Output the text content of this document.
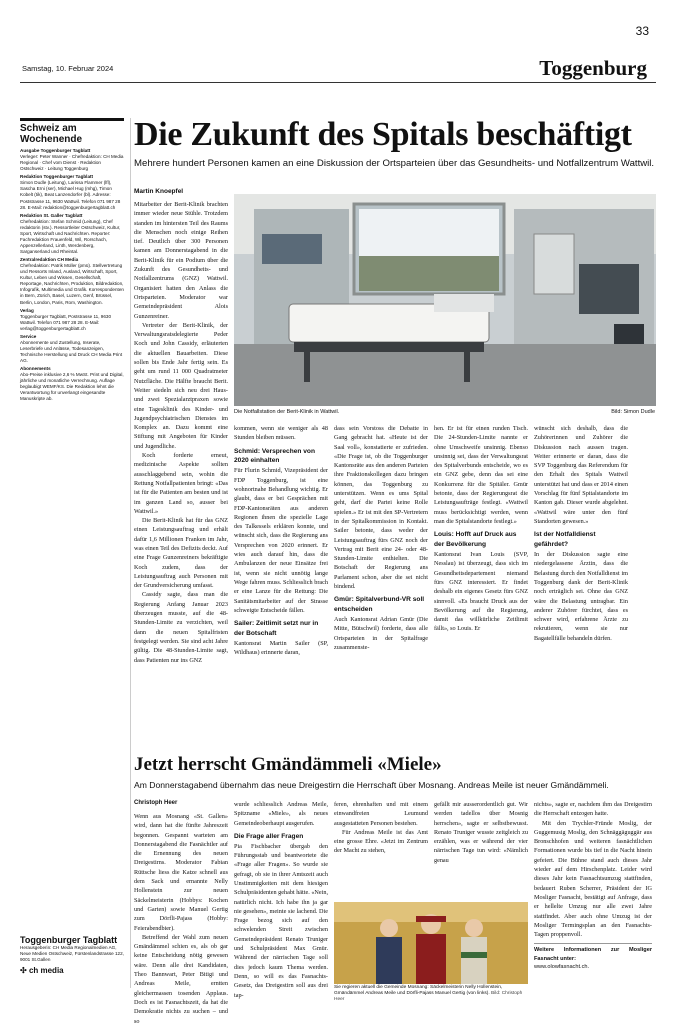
33
Samstag, 10. Februar 2024	Toggenburg
Schweiz am Wochenende
Ausgabe Toggenburger Tagblatt

Verleger: Peter Wanner · Chefredaktion: CH Media Regional · Chef vom Dienst · Redaktion Ostschweiz · Leitung Toggenburg

Redaktion Toggenburger Tagblatt

Simon Dudle (Leitung), Larissa Flammer (lfl), Sascha Erni (ser), Michael Hug (mhg), Timon Kobelt (tik), Beat Lanzendorfer (bl). Adresse: Poststrasse 11, 9630 Wattwil. Telefon 071 987 28 28. E-Mail: redaktion@toggenburgertagblatt.ch

Redaktion St. Galler Tagblatt

Chefredaktion: Stefan Schmid (Leitung), Chef redaktorin (stv.). Ressortleiter Ostschweiz, Kultur, Sport, Wirtschaft und Nachrichten. Reporter: Fachredaktion Frauenfeld, Wil, Rorschach, Appenzellerland, Linth, Werdenberg, Sarganserland und Rheintal.

Zentralredaktion CH Media

Chefredaktion: Patrik Müller (pmü). Stellvertretung und Ressorts Inland, Ausland, Wirtschaft, Sport, Kultur, Leben und Wissen, Gesellschaft, Reportage, Nachrichten, Produktion, Bildredaktion, Infografik, Multimedia und Grafik. Korrespondenten in Bern, Zürich, Basel, Luzern, Genf, Brüssel, Berlin, London, Paris, Rom, Washington.

Verlag

Toggenburger Tagblatt, Poststrasse 11, 9630 Wattwil. Telefon 071 987 28 28. E-Mail: verlag@toggenburgertagblatt.ch

Service

Abonnemente und Zustellung, Inserate, Leserbriefe und Anlässe, Todesanzeigen, Technische Herstellung und Druck CH Media Print AG.

Abonnements

Abo-Preise inklusive 2,6 % MwSt. Print und Digital, jährliche und monatliche Verrechnung. Auflage beglaubigt WEMF/KS. Die Redaktion lehnt die Verantwortung für unverlangt eingesandte Manuskripte ab.

Toggenburger Tagblatt
Herausgeberin: CH Media Regionalmedien AG, Neue Medien Ostschweiz, Fürstenlandstrasse 122, 9001 St.Gallen
✣ ch media
Die Zukunft des Spitals beschäftigt
Mehrere hundert Personen kamen an eine Diskussion der Ortsparteien über das Gesundheits- und Notfallzentrum Wattwil.
Martin Knoepfel

Mitarbeiter der Berit-Klinik brachten immer wieder neue Stühle. Trotzdem standen im hintersten Teil des Raums die Menschen noch einige Reihen tief. Deutlich über 300 Personen kamen am Donnerstagabend in die Berit-Klinik für ein Podium über die Zukunft des Gesundheits- und Notfallzentrums (GNZ) Wattwil. Organisiert hatten den Anlass die Ortsparteien. Moderator war Gemeindepräsident Alois Gunzenreiner.

Vertreter der Berit-Klinik, der Verwaltungsratsdelegierte Peder Koch und John Cassidy, erläuterten die aktuellen Bauarbeiten. Diese sollen bis Ende Jahr fertig sein. Es geht um rund 11 000 Quadratmeter Nutzfläche. Die Hälfte braucht Berit. Weiter siedeln sich neu drei Haus- und zwei Spezialarztpraxen sowie eine Tagesklinik des Kinder- und Jugendpsychiatrischen Dienstes im Komplex an. Dazu kommt eine Stiftung mit Angeboten für Kinder und Jugendliche.

Koch forderte erneut, medizinische Aspekte sollten ausschlaggebend sein, wohin die Rettung Notfallpatienten bringt: «Das ist für die Patienten am besten und ist im ganzen Land so, ausser bei Wattwil.»

Die Berit-Klinik hat für das GNZ einen Leistungsauftrag und erhält dafür 1,6 Millionen Franken im Jahr, was einen Teil des Defizits deckt. Auf eine Frage Gunzenreiners bekräftigte Koch zudem, dass der Leistungsauftrag auch Personen mit der Grundversicherung umfasst.

Cassidy sagte, dass man die Regierung Anfang Januar 2023 überzeugen musste, auf die 48-Stunden-Limite zu verzichten, weil dann die neuen Spitalfristen festgelegt werden. Sie sind acht Jahre gültig. Die 48-Stunden-Limite sagt, dass Patienten nur ins GNZ

Die Notfallstation der Berit-Klinik in Wattwil.	Bild: Simon Dudle

kommen, wenn sie weniger als 48 Stunden bleiben müssen.

Schmid: Versprechen von 2020 einhalten

Für Flurin Schmid, Vizepräsident der FDP Toggenburg, ist eine wohnortnahe Behandlung wichtig. Er glaubt, dass er bei Gesprächen mit FDP-Kantonsräten aus anderen Regionen ihnen die spezielle Lage des Talkessels erklären konnte, und wünscht sich, dass die Regierung ans Versprechen von 2020 erinnert. Er wies auch darauf hin, dass die Ambulanzen der neue Einsätze frei ist, wenn sie nicht unnötig lange Wege fahren muss. Schliesslich brach er eine Lanze für die Rettung: Die Sanitätsmitarbeiter auf der Strasse schweigte Entscheide fällen.

Sailer: Zeitlimit setzt nur in der Botschaft

Kantonsrat Martin Sailer (SP, Wildhaus) erinnerte daran,

dass sein Vorstoss die Debatte in Gang gebracht hat. «Heute ist der Saal voll», konstatierte er zufrieden. «Die Frage ist, ob die Toggenburger Kantonsräte aus den anderen Parteien ihre Fraktionskollegen dazu bringen können, das Toggenburg zu unterstützen. Wenn es ums Spital geht, darf die Partei keine Rolle spielen.» Er ist mit den SP-Vertretern in der Spitalkommission in Kontakt. Sailer betonte, dass weder der Leistungsauftrag fürs GNZ noch der Vertrag mit Berit eine 24- oder 48-Stunden-Limite enthielten. Die Botschaft der Regierung ans Parlament schon, aber die sei nicht bindend.

Gmür: Spitalverbund-VR soll entscheiden

Auch Kantonsrat Adrian Gmür (Die Mitte, Bütschwil) forderte, dass alle Ortsparteien in der Spitalfrage zusammenste-

hen. Er ist für einen runden Tisch. Die 24-Stunden-Limite nannte er ohne Umschweife unsinnig. Ebenso unsinnig sei, dass der Verwaltungsrat des Spitalverbunds entscheide, wo es ein GNZ gebe, denn das sei eine Konkurrenz für die Spitäler. Gmür betonte, dass der Regierungsrat die Leistungsaufträge festlegt. «Wattwil muss berücksichtigt werden, wenn man die Spitalstandorte festlegt.»

Louis: Hofft auf Druck aus der Bevölkerung

Kantonsrat Ivan Louis (SVP, Nesslau) ist überzeugt, dass sich im Gesundheitsdepartement niemand fürs GNZ interessiert. Er findet deshalb ein eigenes Gesetz fürs GNZ sinnvoll. «Es braucht Druck aus der Bevölkerung auf die Regierung, damit das willkürliche Zeitlimit fällt», so Louis. Er

wünscht sich deshalb, dass die Zuhörerinnen und Zuhörer die Diskussion nach aussen tragen. Weiter erinnerte er daran, dass die SVP Toggenburg das Referendum für den Erhalt des Spitals Wattwil unterstützt hat und dass er 2014 einen Vorschlag für fünf Spitalstandorte im Kanton gab. Dieser wurde abgelehnt. «Wattwil wäre unter den fünf Standorten gewesen.»

Ist der Notfalldienst gefährdet?

In der Diskussion sagte eine niedergelassene Ärztin, dass die Belastung durch den Notfalldienst im Toggenburg dank der Berit-Klinik noch erträglich sei. Ohne das GNZ wäre die Belastung untragbar. Ein anderer Zuhörer fürchtet, dass es schwer wird, erfahrene Ärzte zu rekrutieren, wenn sie nur Bagatellfälle behandeln dürfen.

Jetzt herrscht Gmändämmeli «Miele»
Am Donnerstagabend übernahm das neue Dreigestirn die Herrschaft über Mosnang. Andreas Meile ist neuer Gmändämmeli.
Christoph Heer

Wenn aus Mosnang «St. Gallen» wird, dann hat die fünfte Jahreszeit begonnen. Gespannt warteten am Donnerstagabend die Fasnächtler auf die Ernennung des neuen Dreigestirns. Moderator Fabian Rüttsche liess die Katze schnell aus dem Sack und ernannte Nelly Hollenstein zur neuen Säckelmeisterin (Hobbys: Kochen und Garten) sowie Manuel Gertig zum Dörfli-Pajass (Hobby: Feierabendbier).

Betreffend der Wahl zum neuen Gmändämmel schien es, als ob gar keine Entscheidung nötig gewesen wäre. Denn alle drei Kandidaten, Theo Bannwart, Peter Bitigi und Andreas Meile, erntten gleichermassen tosenden Applaus. Doch es ist Fasnachtszeit, da hat die Demokratie nichts zu suchen – und so

wurde schliesslich Andreas Meile, Spitzname «Miele», als neues Gemeindeoberhaupt ausgerufen.

Die Frage aller Fragen

Pia Fischbacher übergab den Führungsstab und beantwortete die «Frage aller Fragen». So wurde sie gefragt, ob sie in ihrer Amtszeit auch Unstimmigkeiten mit dem hiesigen Schulpräsidenten gehabt hätte. «Nein, natürlich nicht. Ich habe ihn ja gar nie gesehen», meinte sie lachend. Die Frage bezog sich auf den schwelenden Streit zwischen Gemeindepräsident Renato Truniger und Schulpräsident Max Gmür. Während der närrischen Tage soll dies jedoch kaum Thema werden. Denn, so will es das Fasnachts-Gesetz, das Dreigestirn soll aus drei tap-

feren, ehrenhaften und mit einem einwandfreien Leumund ausgestatteten Personen bestehen.

Für Andreas Meile ist das Amt eine grosse Ehre. «Jetzt im Zentrum der Macht zu stehen,

gefällt mir ausserordentlich gut. Wir werden tadellos über Mosnig herrschen», sagte er selbstbewusst. Renato Truniger wusste zeitgleich zu erzählen, was er während der vier närrischen Tage tun wird: «Nämlich genau

nichts», sagte er, nachdem ihm das Dreigestirn die Herrschaft entzogen hatte.

Mit den Trychler-Fründe Moslig, der Guggemusig Moslig, den Schnäggäguggär aus Bronschhofen und weiteren fasnächtlichen Formationen wurde bis tief in die Nacht hinein gefeiert. Die Bühne stand auch dieses Jahr wieder auf dem Hirschenplatz. Leider wird dieses Jahr kein Fasnachtsumzug stattfinden, bedauert Ruben Scherrer, Präsident der IG Mosliger Fasnacht, bestätigt auf Anfrage, dass er hellelte Umzug nur alle zwei Jahre stattfindet. Aber auch ohne Umzug ist der Mosliger Termingsplan an den Fasnachts-Tagen proppenvoll.

Weitere Informationen zur Mosliger Fasnacht unter:
www.olowfasnacht.ch.
Sie regieren aktuell die Gemeinde Mosnang: Säckelmeisterin Nelly Hollenstein, Gmändämmel Andreas Meile und Dörfli-Pajass Manuel Gertig (von links). Bild: Christoph Heer
